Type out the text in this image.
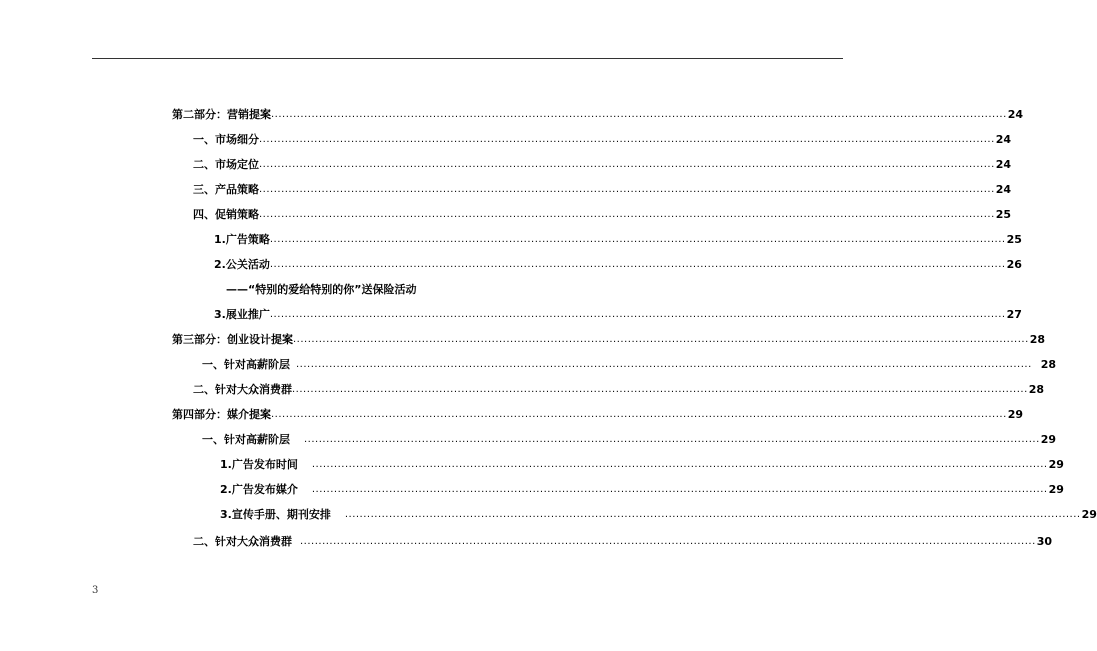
第二部分：营销提案 ........................................................................................................................................................................................................ 24
一、市场细分 ........................................................................................................................................................................................................ 24
二、市场定位 ........................................................................................................................................................................................................ 24
三、产品策略 ........................................................................................................................................................................................................ 24
四、促销策略 ........................................................................................................................................................................................................ 25
1.广告策略 ........................................................................................................................................................................................................ 25
2.公关活动 ........................................................................................................................................................................................................ 26
——“特别的爱给特别的你”送保险活动
3.展业推广 ........................................................................................................................................................................................................ 27
第三部分：创业设计提案 ........................................................................................................................................................................................................ 28
一、针对高薪阶层 ........................................................................................................................................................................................................ 28
二、针对大众消费群 ........................................................................................................................................................................................................ 28
第四部分：媒介提案 ........................................................................................................................................................................................................ 29
一、针对高薪阶层 ........................................................................................................................................................................................................ 29
1.广告发布时间 ........................................................................................................................................................................................................ 29
2.广告发布媒介 ........................................................................................................................................................................................................ 29
3.宣传手册、期刊安排 ........................................................................................................................................................................................................ 29
二、针对大众消费群 ........................................................................................................................................................................................................ 30
3
